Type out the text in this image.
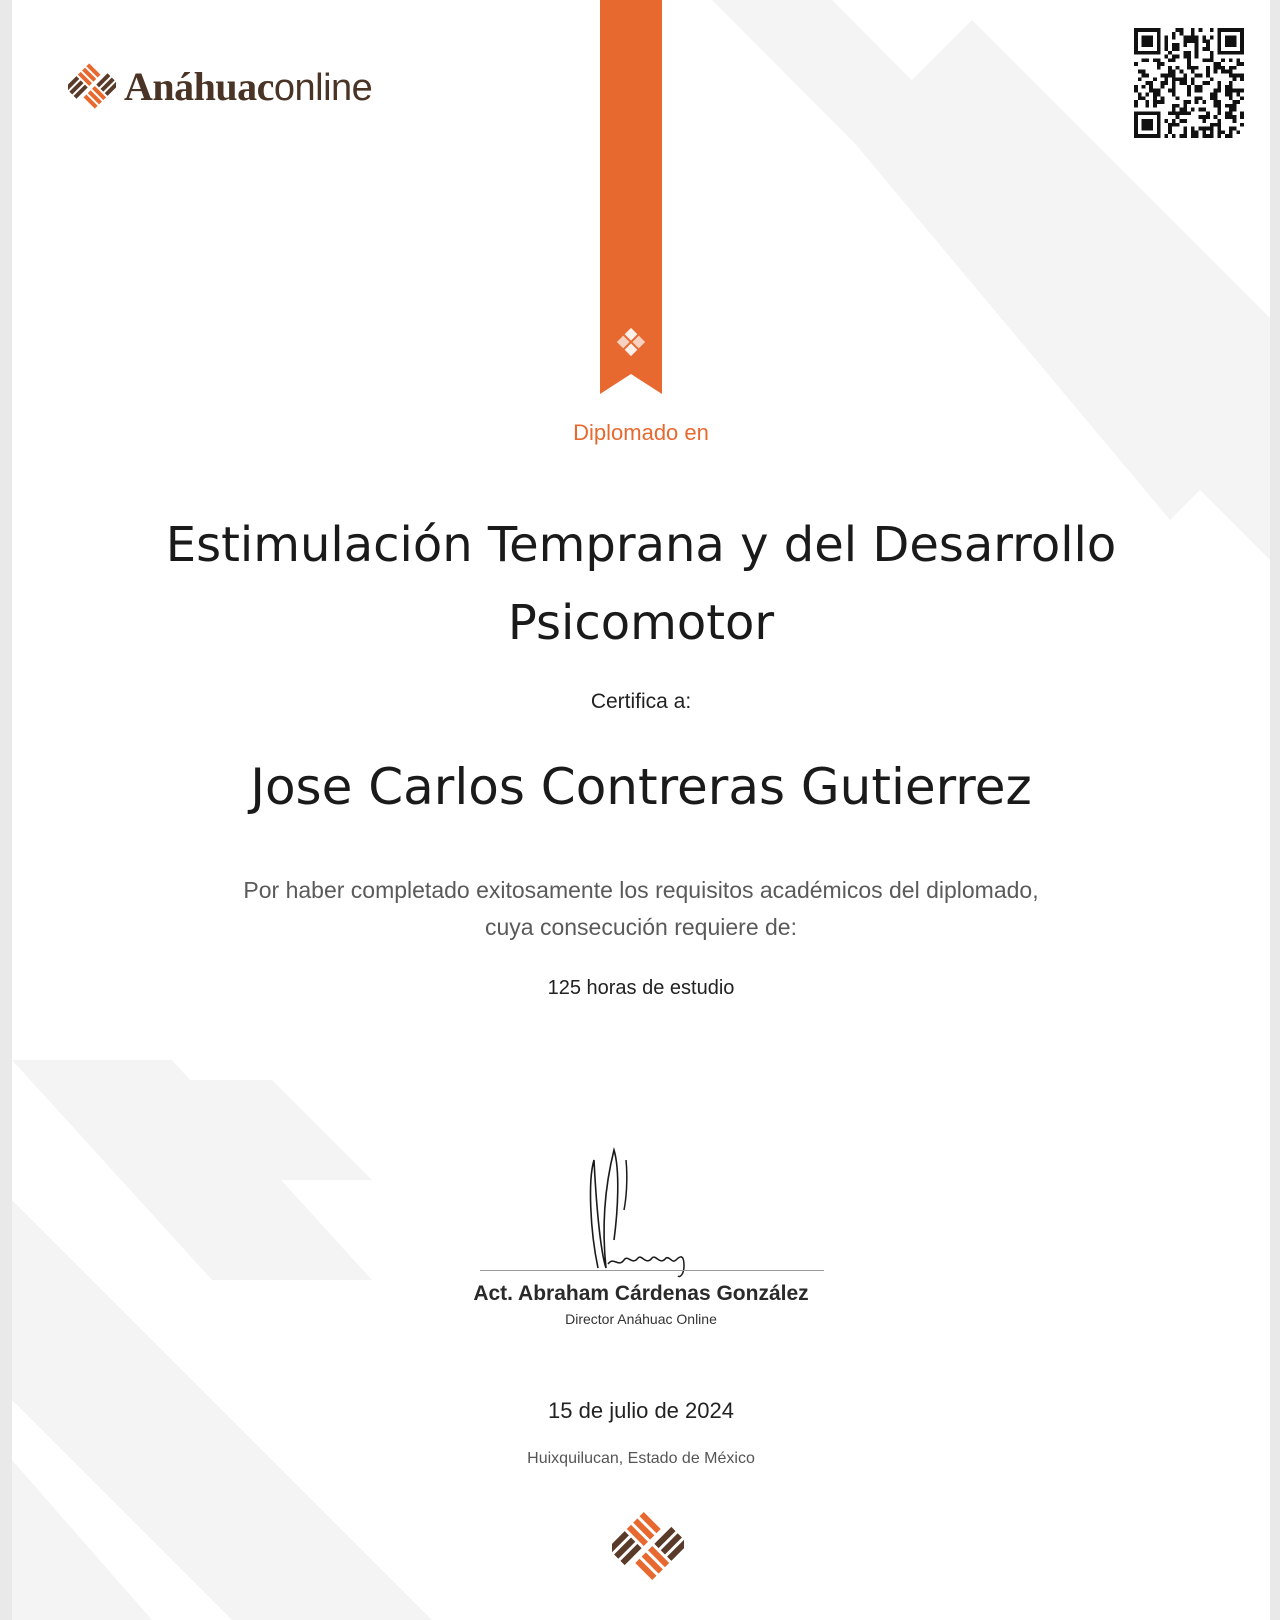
Anáhuaconline
Diplomado en
Estimulación Temprana y del Desarrollo
Psicomotor
Certifica a:
Jose Carlos Contreras Gutierrez
Por haber completado exitosamente los requisitos académicos del diplomado,
cuya consecución requiere de:
125 horas de estudio
Act. Abraham Cárdenas González
Director Anáhuac Online
15 de julio de 2024
Huixquilucan, Estado de México
